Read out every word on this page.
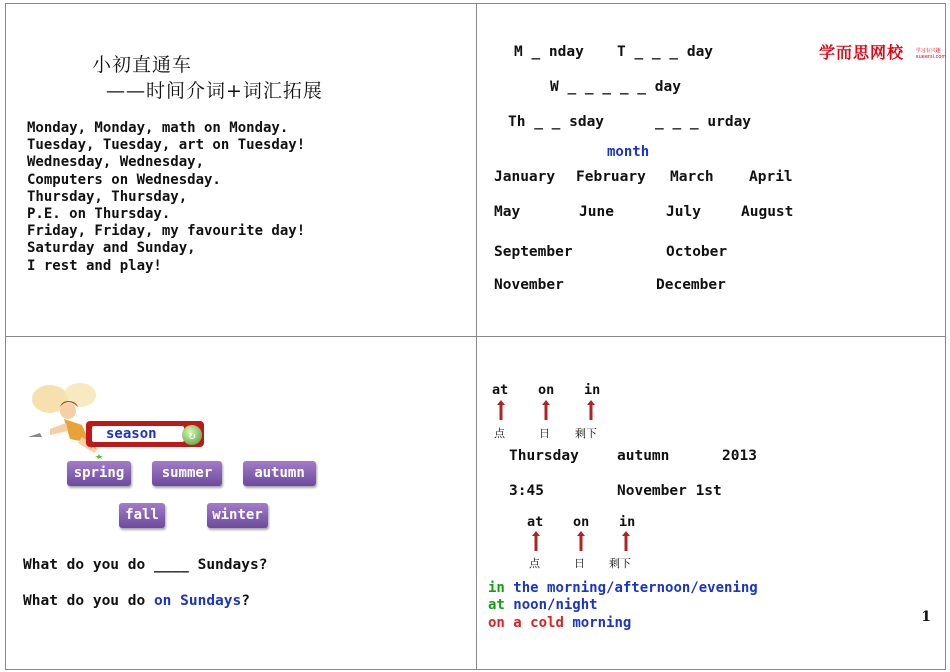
小初直通车
——时间介词+词汇拓展
Monday, Monday, math on Monday.
Tuesday, Tuesday, art on Tuesday!
Wednesday, Wednesday,
Computers on Wednesday.
Thursday, Thursday,
P.E. on Thursday.
Friday, Friday, my favourite day!
Saturday and Sunday,
I rest and play!
M _ nday T _ _ _ day
W _ _ _ _ _ day
Th _ _ sday	_ _ _ urday
学而思网校 学习有兴趣
xueersi.com
month
January February March April
May	June	July	August
September	October
November	December
season	↻
spring	summer	autumn
fall	winter
What do you do ____ Sundays?
What do you do on Sundays?
at on in
点	日 剩下
Thursday	autumn	2013
3:45	November 1st
at on in
点	日 剩下
in the morning/afternoon/evening
at noon/night
on a cold morning	1
